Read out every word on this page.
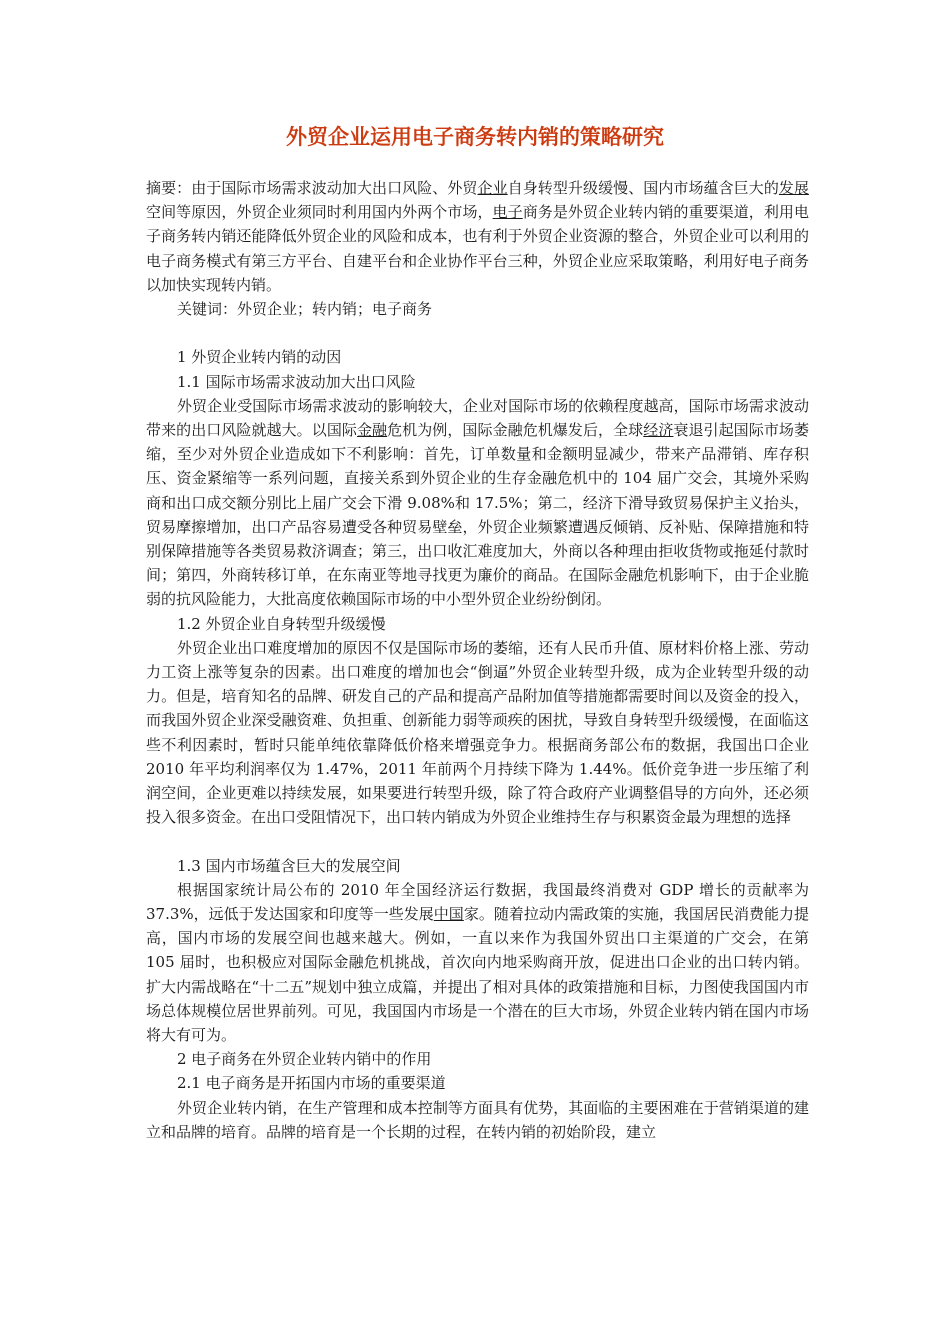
外贸企业运用电子商务转内销的策略研究

摘要：由于国际市场需求波动加大出口风险、外贸企业自身转型升级缓慢、国内市场蕴含巨大的发展空间等原因，外贸企业须同时利用国内外两个市场，电子商务是外贸企业转内销的重要渠道，利用电子商务转内销还能降低外贸企业的风险和成本，也有利于外贸企业资源的整合，外贸企业可以利用的电子商务模式有第三方平台、自建平台和企业协作平台三种，外贸企业应采取策略，利用好电子商务以加快实现转内销。

关键词：外贸企业；转内销；电子商务

1 外贸企业转内销的动因

1.1 国际市场需求波动加大出口风险

外贸企业受国际市场需求波动的影响较大，企业对国际市场的依赖程度越高，国际市场需求波动带来的出口风险就越大。以国际金融危机为例，国际金融危机爆发后，全球经济衰退引起国际市场萎缩，至少对外贸企业造成如下不利影响：首先，订单数量和金额明显减少，带来产品滞销、库存积压、资金紧缩等一系列问题，直接关系到外贸企业的生存金融危机中的 104 届广交会，其境外采购商和出口成交额分别比上届广交会下滑 9.08%和 17.5%；第二，经济下滑导致贸易保护主义抬头，贸易摩擦增加，出口产品容易遭受各种贸易壁垒，外贸企业频繁遭遇反倾销、反补贴、保障措施和特别保障措施等各类贸易救济调查；第三，出口收汇难度加大，外商以各种理由拒收货物或拖延付款时间；第四，外商转移订单，在东南亚等地寻找更为廉价的商品。在国际金融危机影响下，由于企业脆弱的抗风险能力，大批高度依赖国际市场的中小型外贸企业纷纷倒闭。

1.2 外贸企业自身转型升级缓慢

外贸企业出口难度增加的原因不仅是国际市场的萎缩，还有人民币升值、原材料价格上涨、劳动力工资上涨等复杂的因素。出口难度的增加也会“倒逼”外贸企业转型升级，成为企业转型升级的动力。但是，培育知名的品牌、研发自己的产品和提高产品附加值等措施都需要时间以及资金的投入，而我国外贸企业深受融资难、负担重、创新能力弱等顽疾的困扰，导致自身转型升级缓慢，在面临这些不利因素时，暂时只能单纯依靠降低价格来增强竞争力。根据商务部公布的数据，我国出口企业 2010 年平均利润率仅为 1.47%，2011 年前两个月持续下降为 1.44%。低价竞争进一步压缩了利润空间，企业更难以持续发展，如果要进行转型升级，除了符合政府产业调整倡导的方向外，还必须投入很多资金。在出口受阻情况下，出口转内销成为外贸企业维持生存与积累资金最为理想的选择

1.3 国内市场蕴含巨大的发展空间

根据国家统计局公布的 2010 年全国经济运行数据，我国最终消费对 GDP 增长的贡献率为 37.3%，远低于发达国家和印度等一些发展中国家。随着拉动内需政策的实施，我国居民消费能力提高，国内市场的发展空间也越来越大。例如，一直以来作为我国外贸出口主渠道的广交会，在第 105 届时，也积极应对国际金融危机挑战，首次向内地采购商开放，促进出口企业的出口转内销。扩大内需战略在“十二五”规划中独立成篇，并提出了相对具体的政策措施和目标，力图使我国国内市场总体规模位居世界前列。可见，我国国内市场是一个潜在的巨大市场，外贸企业转内销在国内市场将大有可为。

2 电子商务在外贸企业转内销中的作用

2.1 电子商务是开拓国内市场的重要渠道

外贸企业转内销，在生产管理和成本控制等方面具有优势，其面临的主要困难在于营销渠道的建立和品牌的培育。品牌的培育是一个长期的过程，在转内销的初始阶段，建立
